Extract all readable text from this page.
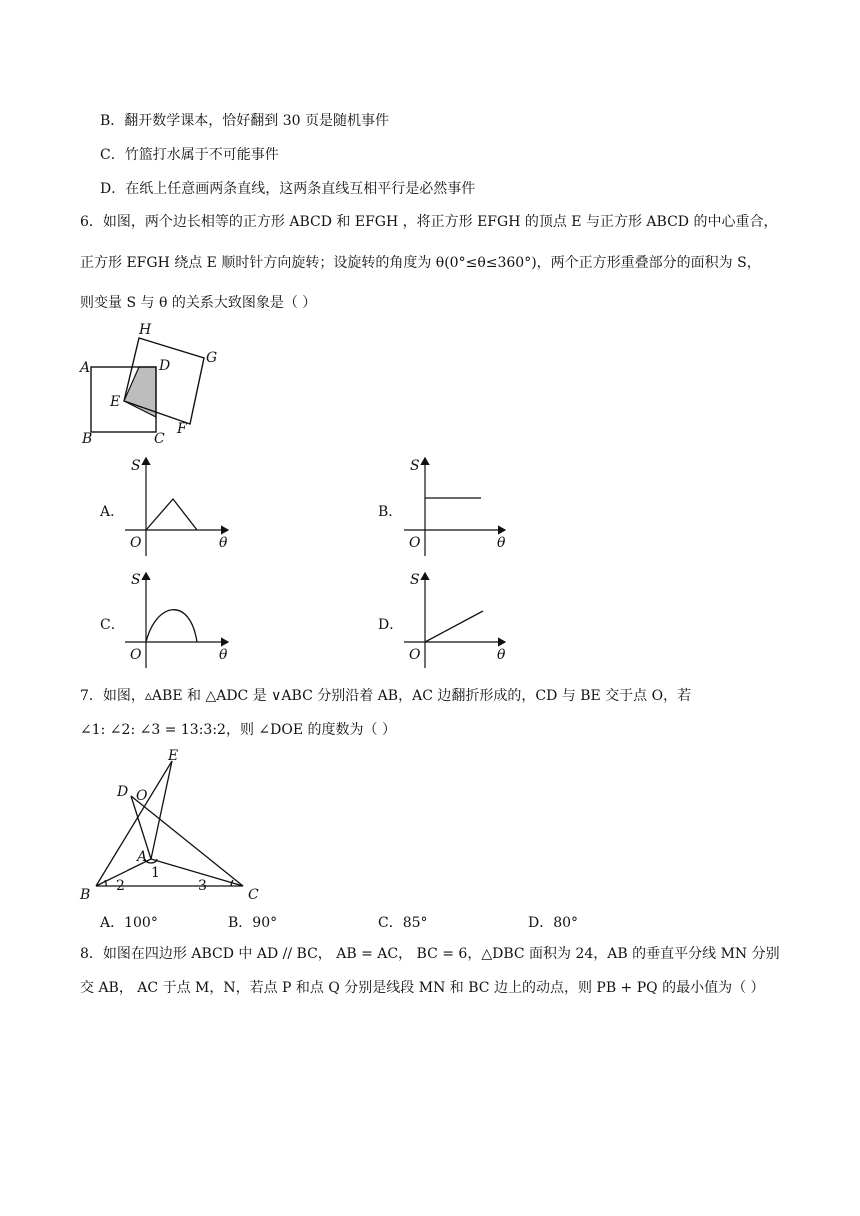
B．翻开数学课本，恰好翻到 30 页是随机事件
C．竹篮打水属于不可能事件
D．在纸上任意画两条直线，这两条直线互相平行是必然事件
6．如图，两个边长相等的正方形 ABCD 和 EFGH ，将正方形 EFGH 的顶点 E 与正方形 ABCD 的中心重合，
正方形 EFGH 绕点 E 顺时针方向旋转；设旋转的角度为 θ(0°≤θ≤360°)，两个正方形重叠部分的面积为 S，
则变量 S 与 θ 的关系大致图象是（ ）
H
A	D	G
E
F
B	C
A．	B．
C．	D．
S
O	θ
S
O	θ
S
O	θ
S
O	θ
7．如图，▵ABE 和 △ADC 是 ∨ABC 分别沿着 AB，AC 边翻折形成的，CD 与 BE 交于点 O，若
∠1: ∠2: ∠3 = 13:3:2，则 ∠DOE 的度数为（ ）
E
D O
A
1
B
2	3
C
A．100°	B．90°	C．85°	D．80°
8．如图在四边形 ABCD 中 AD // BC， AB = AC， BC = 6，△DBC 面积为 24，AB 的垂直平分线 MN 分别
交 AB， AC 于点 M，N，若点 P 和点 Q 分别是线段 MN 和 BC 边上的动点，则 PB + PQ 的最小值为（ ）
